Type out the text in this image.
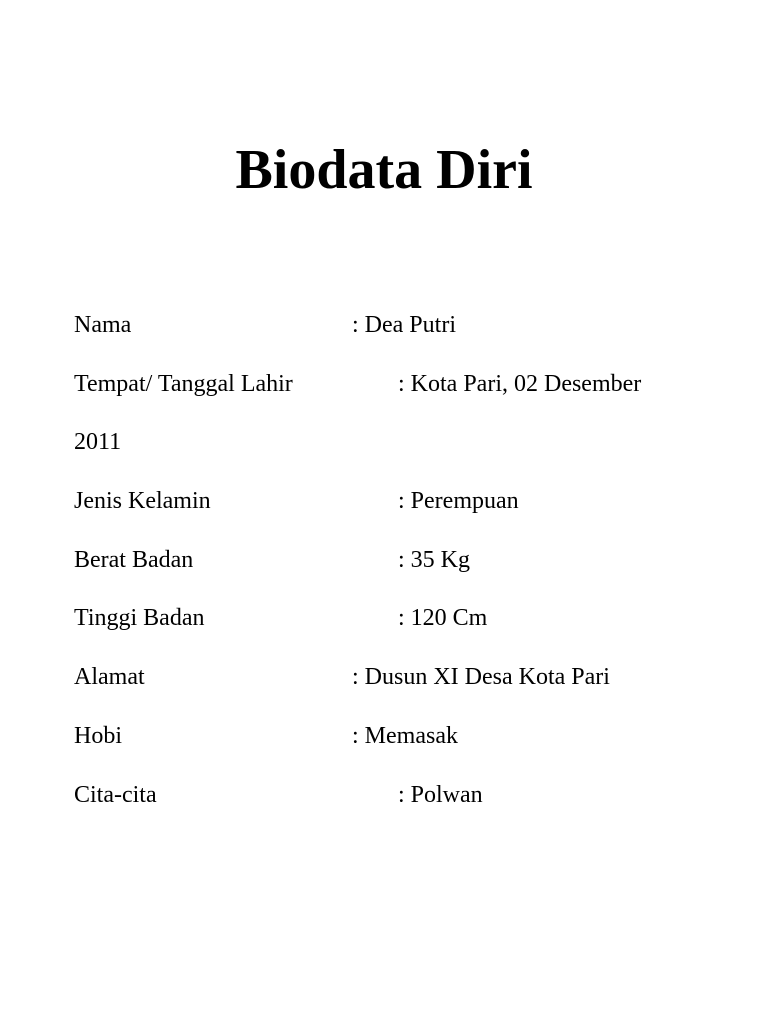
Biodata Diri
Nama	: Dea Putri
Tempat/ Tanggal Lahir	: Kota Pari, 02 Desember
2011
Jenis Kelamin	: Perempuan
Berat Badan	: 35 Kg
Tinggi Badan	: 120 Cm
Alamat	: Dusun XI Desa Kota Pari
Hobi	: Memasak
Cita-cita	: Polwan
